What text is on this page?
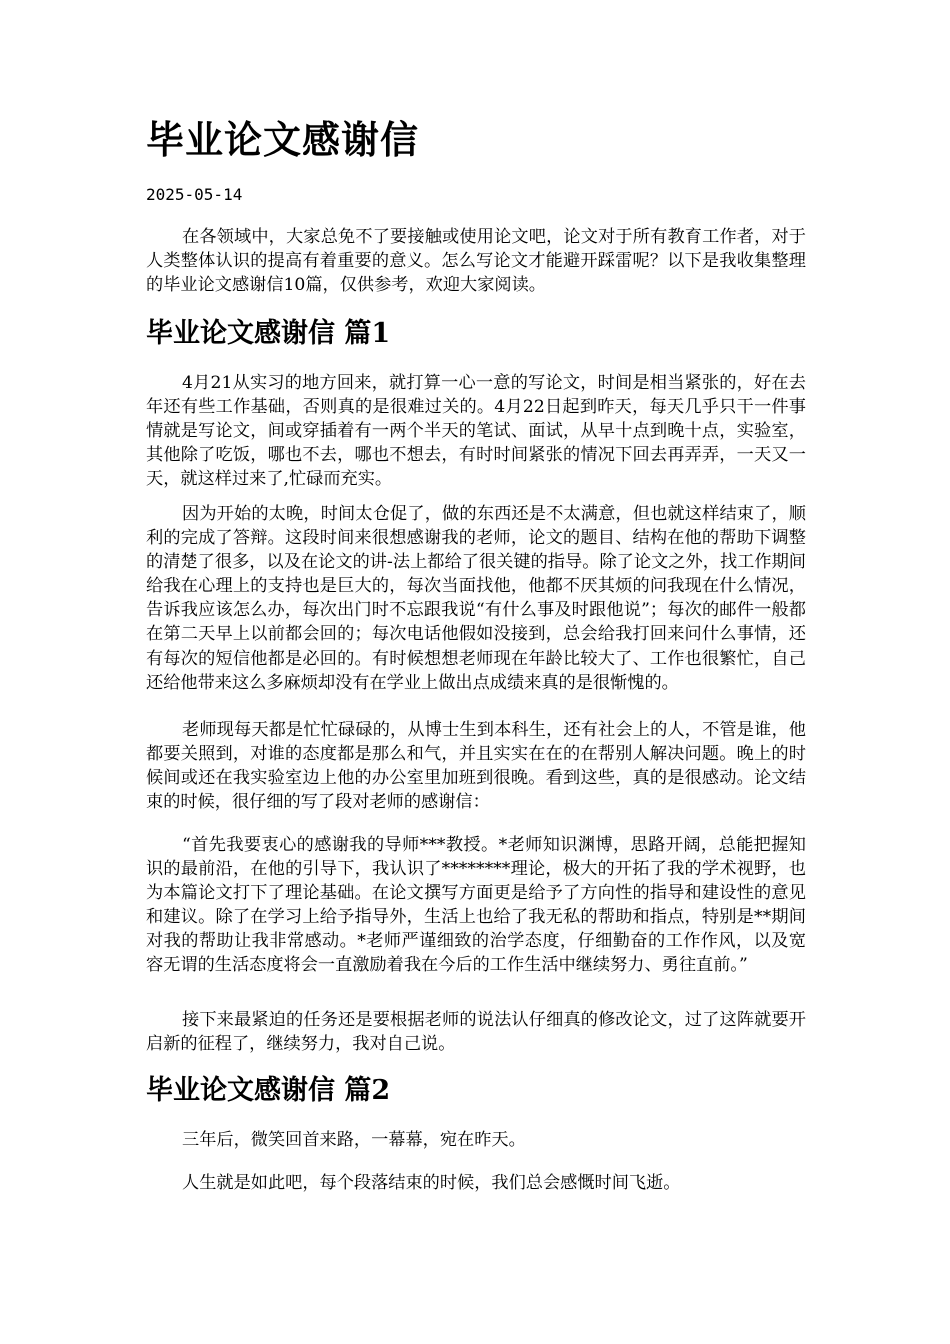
毕业论文感谢信
2025-05-14

在各领域中，大家总免不了要接触或使用论文吧，论文对于所有教育工作者，对于人类整体认识的提高有着重要的意义。怎么写论文才能避开踩雷呢？以下是我收集整理的毕业论文感谢信10篇，仅供参考，欢迎大家阅读。

毕业论文感谢信 篇1

4月21从实习的地方回来，就打算一心一意的写论文，时间是相当紧张的，好在去年还有些工作基础，否则真的是很难过关的。4月22日起到昨天，每天几乎只干一件事情就是写论文，间或穿插着有一两个半天的笔试、面试，从早十点到晚十点，实验室，其他除了吃饭，哪也不去，哪也不想去，有时时间紧张的情况下回去再弄弄，一天又一天，就这样过来了,忙碌而充实。

因为开始的太晚，时间太仓促了，做的东西还是不太满意，但也就这样结束了，顺利的完成了答辩。这段时间来很想感谢我的老师，论文的题目、结构在他的帮助下调整的清楚了很多，以及在论文的讲-法上都给了很关键的指导。除了论文之外，找工作期间给我在心理上的支持也是巨大的，每次当面找他，他都不厌其烦的问我现在什么情况，告诉我应该怎么办，每次出门时不忘跟我说“有什么事及时跟他说”；每次的邮件一般都在第二天早上以前都会回的；每次电话他假如没接到，总会给我打回来问什么事情，还有每次的短信他都是必回的。有时候想想老师现在年龄比较大了、工作也很繁忙，自己还给他带来这么多麻烦却没有在学业上做出点成绩来真的是很惭愧的。

老师现每天都是忙忙碌碌的，从博士生到本科生，还有社会上的人，不管是谁，他都要关照到，对谁的态度都是那么和气，并且实实在在的在帮别人解决问题。晚上的时候间或还在我实验室边上他的办公室里加班到很晚。看到这些，真的是很感动。论文结束的时候，很仔细的写了段对老师的感谢信：

“首先我要衷心的感谢我的导师***教授。*老师知识渊博，思路开阔，总能把握知识的最前沿，在他的引导下，我认识了********理论，极大的开拓了我的学术视野，也为本篇论文打下了理论基础。在论文撰写方面更是给予了方向性的指导和建设性的意见和建议。除了在学习上给予指导外，生活上也给了我无私的帮助和指点，特别是**期间对我的帮助让我非常感动。*老师严谨细致的治学态度，仔细勤奋的工作作风，以及宽容无谓的生活态度将会一直激励着我在今后的工作生活中继续努力、勇往直前。”

接下来最紧迫的任务还是要根据老师的说法认仔细真的修改论文，过了这阵就要开启新的征程了，继续努力，我对自己说。

毕业论文感谢信 篇2

三年后，微笑回首来路，一幕幕，宛在昨天。

人生就是如此吧，每个段落结束的时候，我们总会感慨时间飞逝。
